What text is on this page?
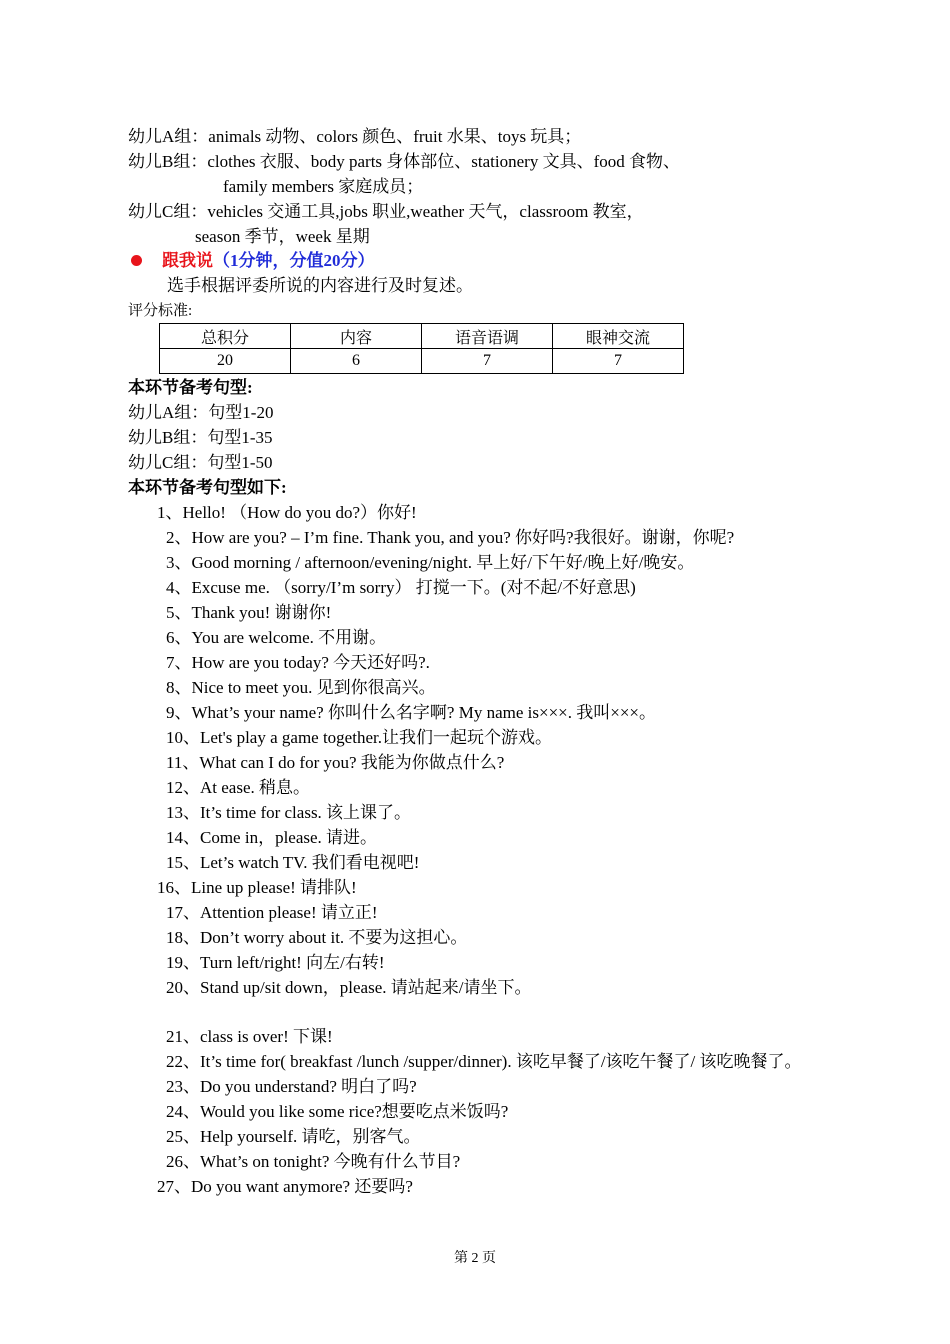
幼儿A组：animals 动物、colors 颜色、fruit 水果、toys 玩具；
幼儿B组：clothes 衣服、body parts 身体部位、stationery 文具、food 食物、
family members 家庭成员；
幼儿C组：vehicles 交通工具,jobs 职业,weather 天气，classroom 教室，
season 季节，week 星期
跟我说（1分钟，分值20分）
选手根据评委所说的内容进行及时复述。
评分标准:
总积分	内容	语音语调	眼神交流
20	6	7	7
本环节备考句型:
幼儿A组：句型1-20
幼儿B组：句型1-35
幼儿C组：句型1-50
本环节备考句型如下:
1、Hello! （How do you do?）你好!
2、How are you? – I’m fine. Thank you, and you? 你好吗?我很好。谢谢，你呢?
3、Good morning / afternoon/evening/night. 早上好/下午好/晚上好/晚安。
4、Excuse me. （sorry/I’m sorry） 打搅一下。(对不起/不好意思)
5、Thank you! 谢谢你!
6、You are welcome. 不用谢。
7、How are you today? 今天还好吗?.
8、Nice to meet you. 见到你很高兴。
9、What’s your name? 你叫什么名字啊? My name is×××. 我叫×××。
10、Let's play a game together.让我们一起玩个游戏。
11、What can I do for you? 我能为你做点什么?
12、At ease. 稍息。
13、It’s time for class. 该上课了。
14、Come in，please. 请进。
15、Let’s watch TV. 我们看电视吧!
16、Line up please! 请排队!
17、Attention please! 请立正!
18、Don’t worry about it. 不要为这担心。
19、Turn left/right! 向左/右转!
20、Stand up/sit down，please. 请站起来/请坐下。
21、class is over! 下课!
22、It’s time for( breakfast /lunch /supper/dinner). 该吃早餐了/该吃午餐了/ 该吃晚餐了。
23、Do you understand? 明白了吗?
24、Would you like some rice?想要吃点米饭吗?
25、Help yourself. 请吃，别客气。
26、What’s on tonight? 今晚有什么节目?
27、Do you want anymore? 还要吗?
第 2 页
